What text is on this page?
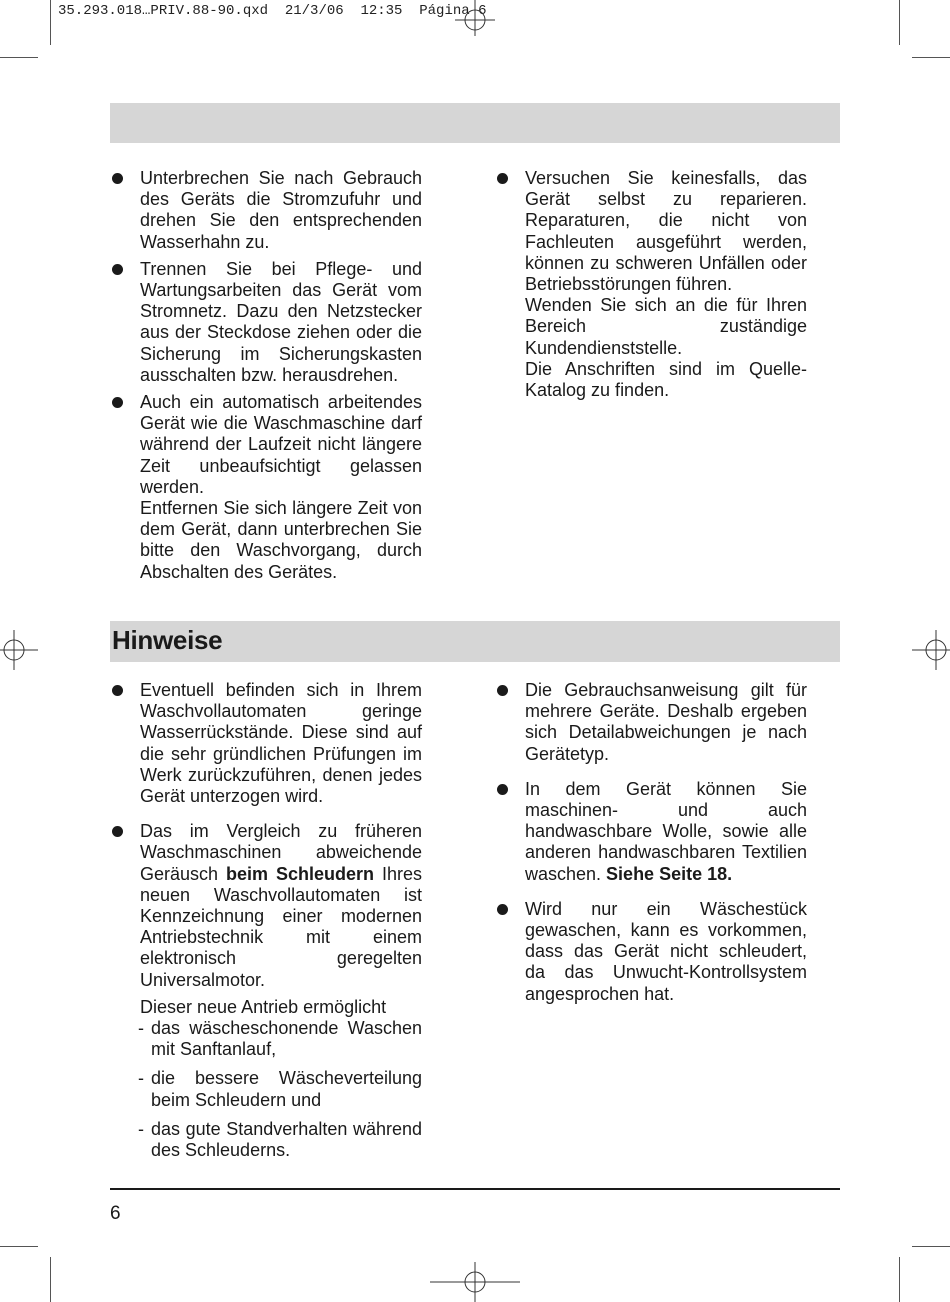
35.293.018…PRIV.88-90.qxd  21/3/06  12:35  Página 6

Unterbrechen Sie nach Gebrauch des Geräts die Stromzufuhr und drehen Sie den entsprechenden Wasserhahn zu.

Trennen Sie bei Pflege- und Wartungsarbeiten das Gerät vom Stromnetz. Dazu den Netzstecker aus der Steckdose ziehen oder die Sicherung im Sicherungskasten ausschalten bzw. herausdrehen.

Auch ein automatisch arbeitendes Gerät wie die Waschmaschine darf während der Laufzeit nicht längere Zeit unbeaufsichtigt gelassen werden.

Entfernen Sie sich längere Zeit von dem Gerät, dann unterbrechen Sie bitte den Waschvorgang, durch Abschalten des Gerätes.

Versuchen Sie keinesfalls, das Gerät selbst zu reparieren. Reparaturen, die nicht von Fachleuten ausgeführt werden, können zu schweren Unfällen oder Betriebsstörungen führen.

Wenden Sie sich an die für Ihren Bereich zuständige Kundendienststelle.

Die Anschriften sind im Quelle-Katalog zu finden.

Hinweise

Eventuell befinden sich in Ihrem Waschvollautomaten geringe Wasserrückstände. Diese sind auf die sehr gründlichen Prüfungen im Werk zurückzuführen, denen jedes Gerät unterzogen wird.

Das im Vergleich zu früheren Waschmaschinen abweichende Geräusch beim Schleudern Ihres neuen Waschvollautomaten ist Kennzeichnung einer modernen Antriebstechnik mit einem elektronisch geregelten Universalmotor.

Dieser neue Antrieb ermöglicht

- das wäscheschonende Waschen mit Sanftanlauf,
- die bessere Wäscheverteilung beim Schleudern und
- das gute Standverhalten während des Schleuderns.

Die Gebrauchsanweisung gilt für mehrere Geräte. Deshalb ergeben sich Detailabweichungen je nach Gerätetyp.

In dem Gerät können Sie maschinen- und auch handwaschbare Wolle, sowie alle anderen handwaschbaren Textilien waschen. Siehe Seite 18.

Wird nur ein Wäschestück gewaschen, kann es vorkommen, dass das Gerät nicht schleudert, da das Unwucht-Kontrollsystem angesprochen hat.

6
